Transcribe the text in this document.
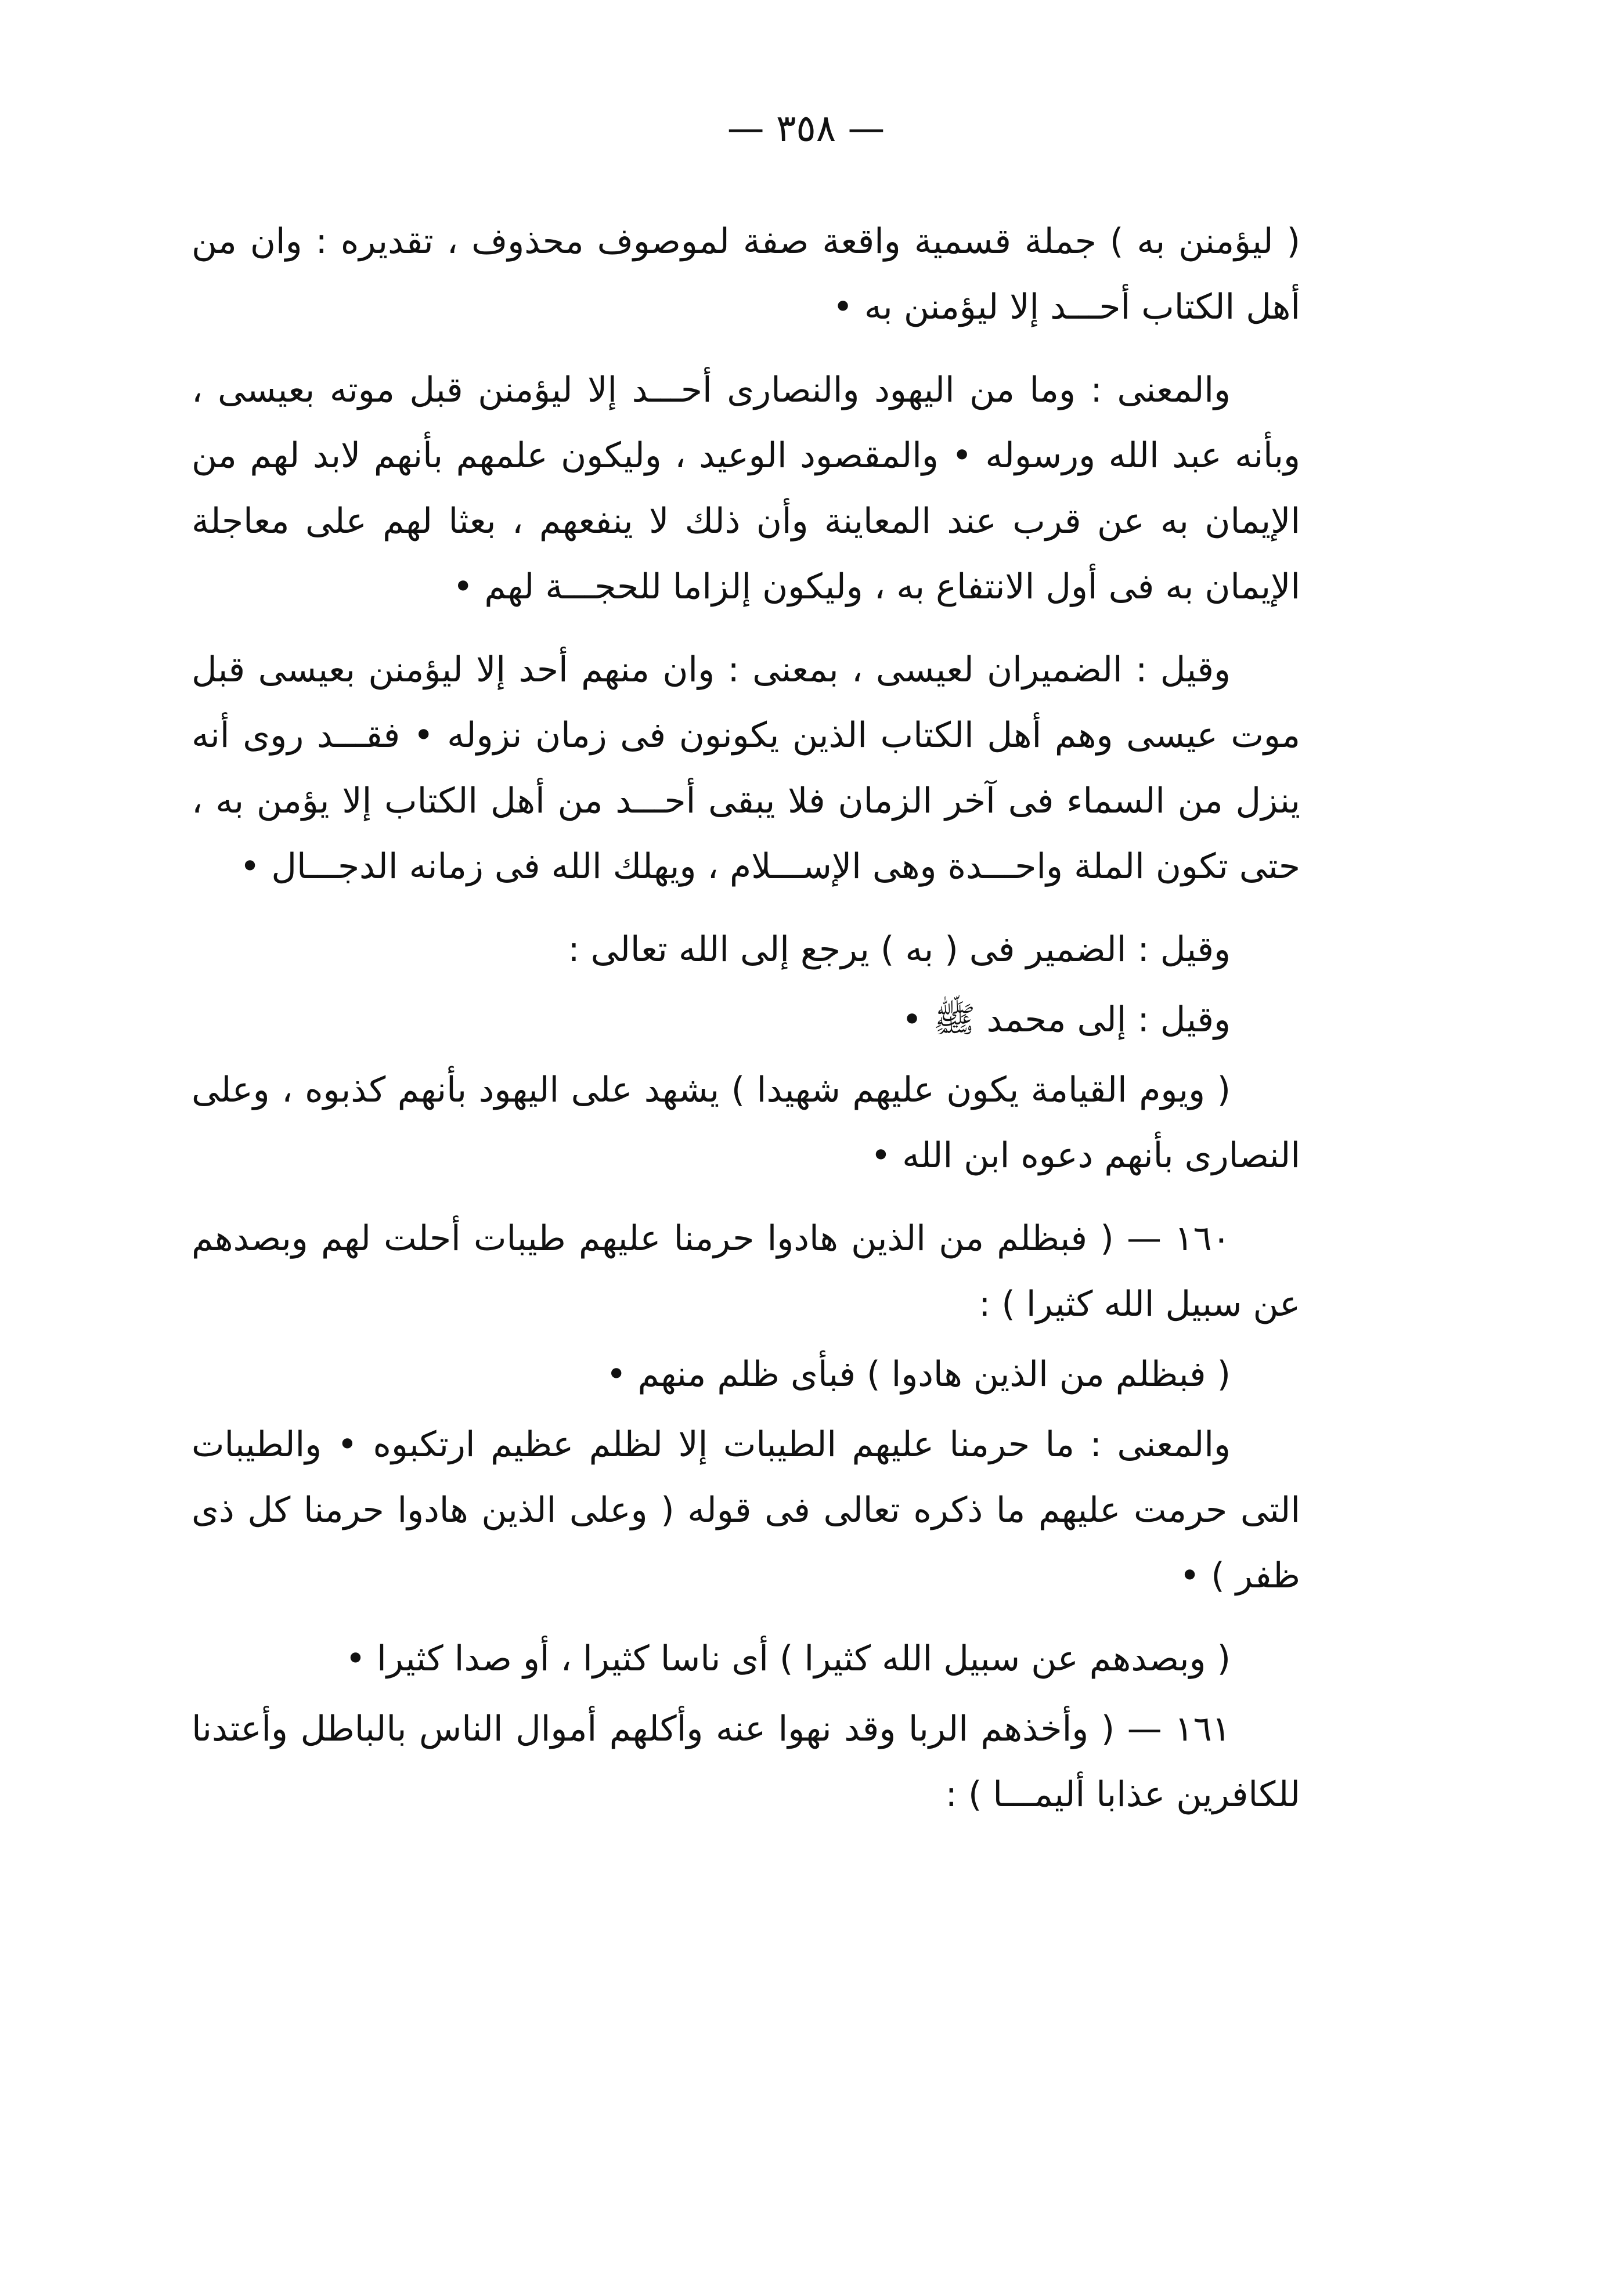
— ٣٥٨ —

( ليؤمنن به ) جملة قسمية واقعة صفة لموصوف محذوف ، تقديره : وان من أهل الكتاب أحـــد إلا ليؤمنن به •

والمعنى : وما من اليهود والنصارى أحـــد إلا ليؤمنن قبل موته بعيسى ، وبأنه عبد الله ورسوله • والمقصود الوعيد ، وليكون علمهم بأنهم لابد لهم من الإيمان به عن قرب عند المعاينة وأن ذلك لا ينفعهم ، بعثا لهم على معاجلة الإيمان به فى أول الانتفاع به ، وليكون إلزاما للحجـــة لهم •

وقيل : الضميران لعيسى ، بمعنى : وان منهم أحد إلا ليؤمنن بعيسى قبل موت عيسى وهم أهل الكتاب الذين يكونون فى زمان نزوله • فقـــد روى أنه ينزل من السماء فى آخر الزمان فلا يبقى أحـــد من أهل الكتاب إلا يؤمن به ، حتى تكون الملة واحـــدة وهى الإســـلام ، ويهلك الله فى زمانه الدجـــال •

وقيل : الضمير فى ( به ) يرجع إلى الله تعالى :

وقيل : إلى محمد ﷺ •

( ويوم القيامة يكون عليهم شهيدا ) يشهد على اليهود بأنهم كذبوه ، وعلى النصارى بأنهم دعوه ابن الله •

١٦٠ — ( فبظلم من الذين هادوا حرمنا عليهم طيبات أحلت لهم وبصدهم عن سبيل الله كثيرا ) :

( فبظلم من الذين هادوا ) فبأى ظلم منهم •

والمعنى : ما حرمنا عليهم الطيبات إلا لظلم عظيم ارتكبوه • والطيبات التى حرمت عليهم ما ذكره تعالى فى قوله ( وعلى الذين هادوا حرمنا كل ذى ظفر ) •

( وبصدهم عن سبيل الله كثيرا ) أى ناسا كثيرا ، أو صدا كثيرا •

١٦١ — ( وأخذهم الربا وقد نهوا عنه وأكلهم أموال الناس بالباطل وأعتدنا للكافرين عذابا أليمـــا ) :
